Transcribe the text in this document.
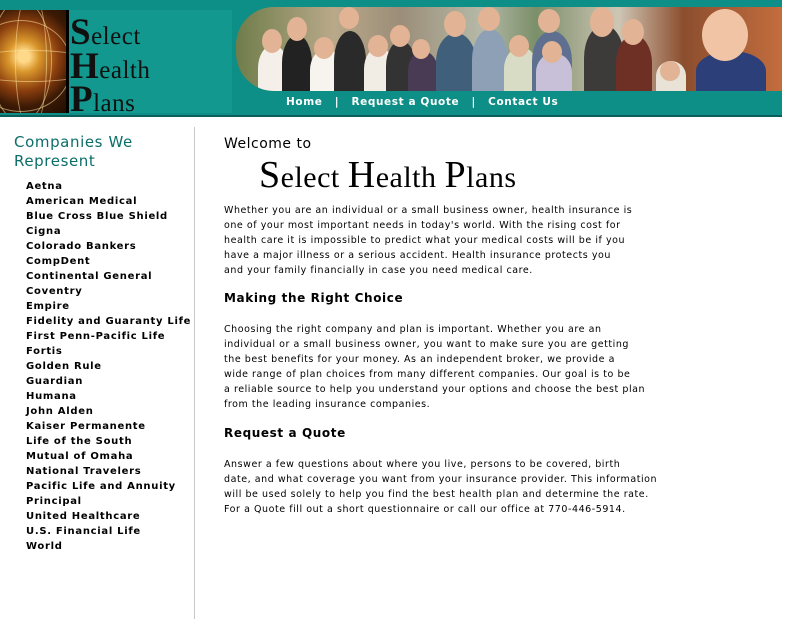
Select
Health
Plans	Home | Request a Quote | Contact Us
Companies We Represent
Aetna
American Medical
Blue Cross Blue Shield
Cigna
Colorado Bankers
CompDent
Continental General
Coventry
Empire
Fidelity and Guaranty Life
First Penn-Pacific Life
Fortis
Golden Rule
Guardian
Humana
John Alden
Kaiser Permanente
Life of the South
Mutual of Omaha
National Travelers
Pacific Life and Annuity
Principal
United Healthcare
U.S. Financial Life
World
Welcome to
Select Health Plans

Whether you are an individual or a small business owner, health insurance is
one of your most important needs in today's world. With the rising cost for
health care it is impossible to predict what your medical costs will be if you
have a major illness or a serious accident. Health insurance protects you
and your family financially in case you need medical care.

Making the Right Choice

Choosing the right company and plan is important. Whether you are an
individual or a small business owner, you want to make sure you are getting
the best benefits for your money. As an independent broker, we provide a
wide range of plan choices from many different companies. Our goal is to be
a reliable source to help you understand your options and choose the best plan
from the leading insurance companies.

Request a Quote

Answer a few questions about where you live, persons to be covered, birth
date, and what coverage you want from your insurance provider. This information
will be used solely to help you find the best health plan and determine the rate.
For a Quote fill out a short questionnaire or call our office at 770-446-5914.
